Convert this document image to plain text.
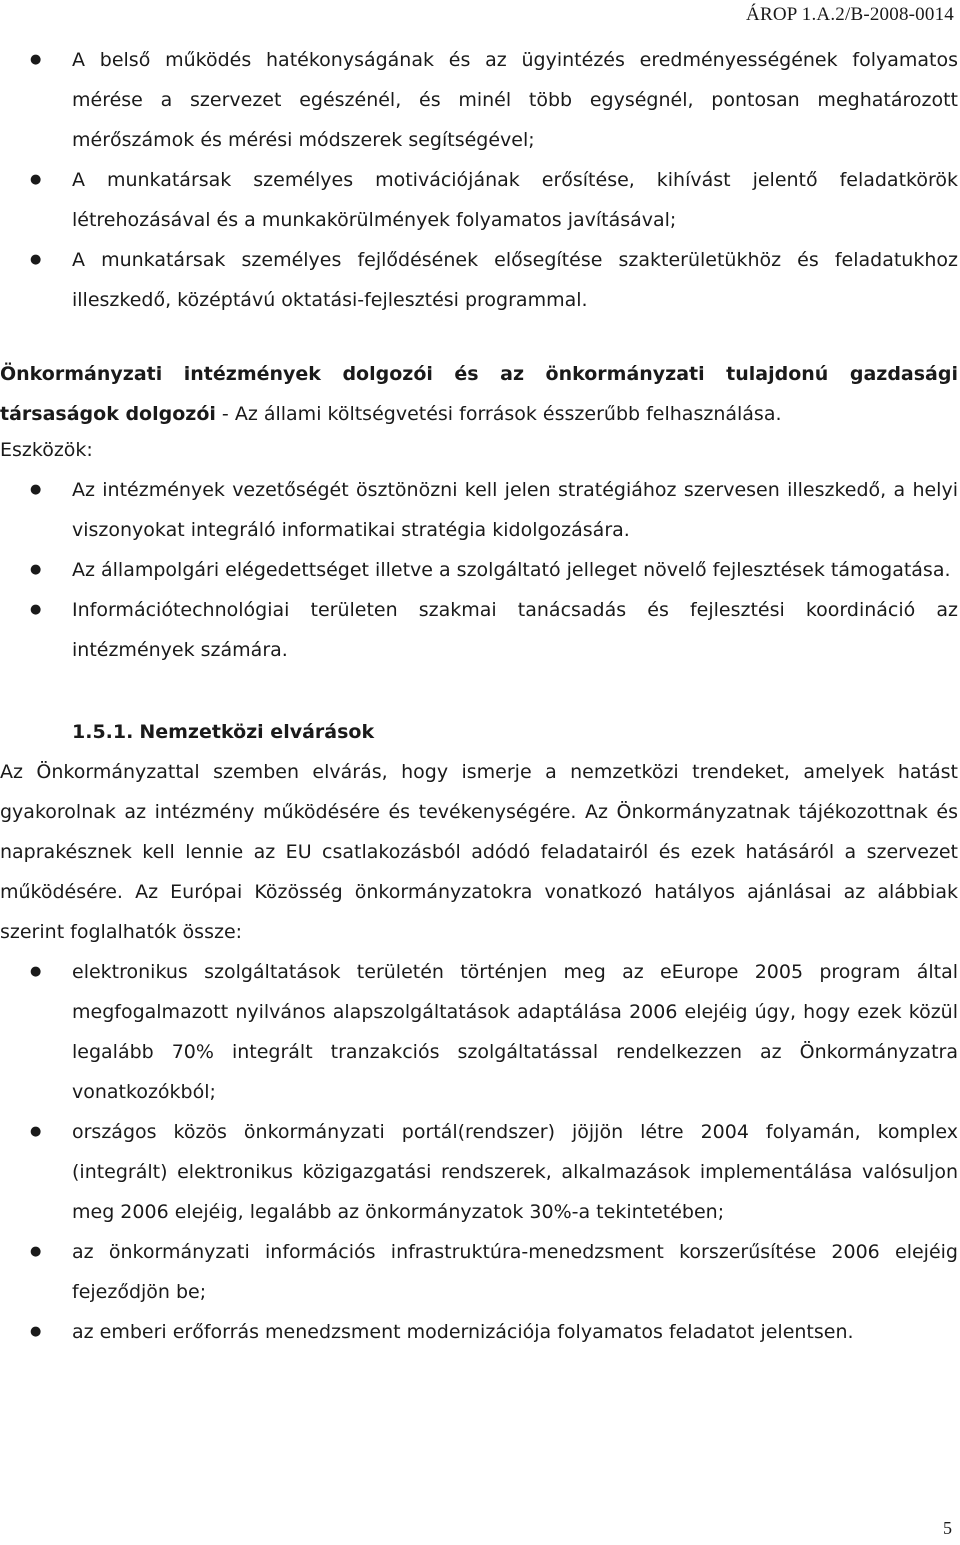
ÁROP 1.A.2/B-2008-0014
● A belső működés hatékonyságának és az ügyintézés eredményességének folyamatos mérése a szervezet egészénél, és minél több egységnél, pontosan meghatározott mérőszámok és mérési módszerek segítségével;
● A munkatársak személyes motivációjának erősítése, kihívást jelentő feladatkörök létrehozásával és a munkakörülmények folyamatos javításával;
● A munkatársak személyes fejlődésének elősegítése szakterületükhöz és feladatukhoz illeszkedő, középtávú oktatási-fejlesztési programmal.

Önkormányzati intézmények dolgozói és az önkormányzati tulajdonú gazdasági társaságok dolgozói - Az állami költségvetési források ésszerűbb felhasználása.

Eszközök:

● Az intézmények vezetőségét ösztönözni kell jelen stratégiához szervesen illeszkedő, a helyi viszonyokat integráló informatikai stratégia kidolgozására.
● Az állampolgári elégedettséget illetve a szolgáltató jelleget növelő fejlesztések támogatása.
● Információtechnológiai területen szakmai tanácsadás és fejlesztési koordináció az intézmények számára.
1.5.1. Nemzetközi elvárások

Az Önkormányzattal szemben elvárás, hogy ismerje a nemzetközi trendeket, amelyek hatást gyakorolnak az intézmény működésére és tevékenységére. Az Önkormányzatnak tájékozottnak és naprakésznek kell lennie az EU csatlakozásból adódó feladatairól és ezek hatásáról a szervezet működésére. Az Európai Közösség önkormányzatokra vonatkozó hatályos ajánlásai az alábbiak szerint foglalhatók össze:

● elektronikus szolgáltatások területén történjen meg az eEurope 2005 program által megfogalmazott nyilvános alapszolgáltatások adaptálása 2006 elejéig úgy, hogy ezek közül legalább 70% integrált tranzakciós szolgáltatással rendelkezzen az Önkormányzatra vonatkozókból;
● országos közös önkormányzati portál(rendszer) jöjjön létre 2004 folyamán, komplex (integrált) elektronikus közigazgatási rendszerek, alkalmazások implementálása valósuljon meg 2006 elejéig, legalább az önkormányzatok 30%-a tekintetében;
● az önkormányzati információs infrastruktúra-menedzsment korszerűsítése 2006 elejéig fejeződjön be;
● az emberi erőforrás menedzsment modernizációja folyamatos feladatot jelentsen.
5
